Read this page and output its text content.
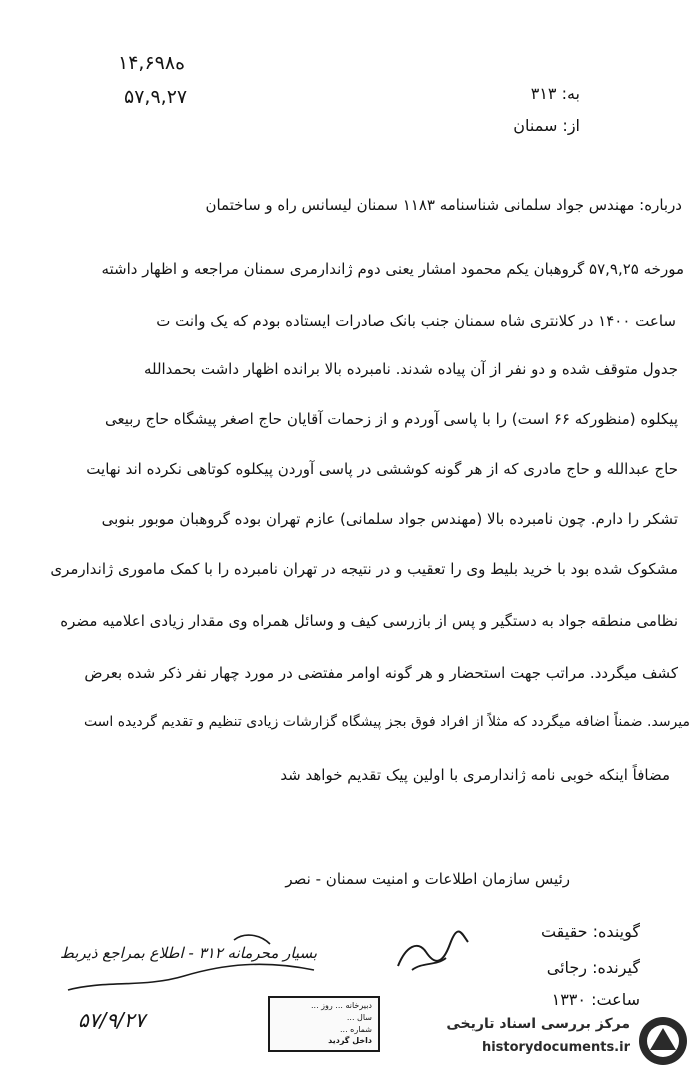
۱۴,۶۹۸ه
۵۷,۹,۲۷	به: ۳۱۳
از: سمنان
درباره: مهندس جواد سلمانی شناسنامه ۱۱۸۳ سمنان لیسانس راه و ساختمان
مورخه ۵۷,۹,۲۵ گروهبان یکم محمود امشار یعنی دوم ژاندارمری سمنان مراجعه و اظهار داشته
ساعت ۱۴۰۰ در کلانتری شاه سمنان جنب بانک صادرات ایستاده بودم که یک وانت ت
جدول متوقف شده و دو نفر از آن پیاده شدند. نامبرده بالا برانده اظهار داشت بحمدالله
پیکلوه (منظورکه ۶۶ است) را با پاسی آوردم و از زحمات آقایان حاج اصغر پیشگاه حاج ربیعی
حاج عبدالله و حاج مادری که از هر گونه کوششی در پاسی آوردن پیکلوه کوتاهی نکرده اند نهایت
تشکر را دارم. چون نامبرده بالا (مهندس جواد سلمانی) عازم تهران بوده گروهبان موبور بنوبی
مشکوک شده بود با خرید بلیط وی را تعقیب و در نتیجه در تهران نامبرده را با کمک ماموری ژاندارمری
نظامی منطقه جواد به دستگیر و پس از بازرسی کیف و وسائل همراه وی مقدار زیادی اعلامیه مضره
کشف میگردد. مراتب جهت استحضار و هر گونه اوامر مفتضی در مورد چهار نفر ذکر شده بعرض
میرسد. ضمناً اضافه میگردد که مثلاً از افراد فوق بجز پیشگاه گزارشات زیادی تنظیم و تقدیم گردیده است
مضافاً اینکه خوبی نامه ژاندارمری با اولین پیک تقدیم خواهد شد
رئیس سازمان اطلاعات و امنیت سمنان - نصر
گوینده: حقیقت
گیرنده: رجائی
ساعت: ۱۳۳۰
بسیار محرمانه ۳۱۲ - اطلاع بمراجع ذیربط
۵۷/۹/۲۷
دبیرخانه ... روز ...
سال ...
شماره ...
داخل گردید
مرکز بررسی اسناد تاریخی
historydocuments.ir
